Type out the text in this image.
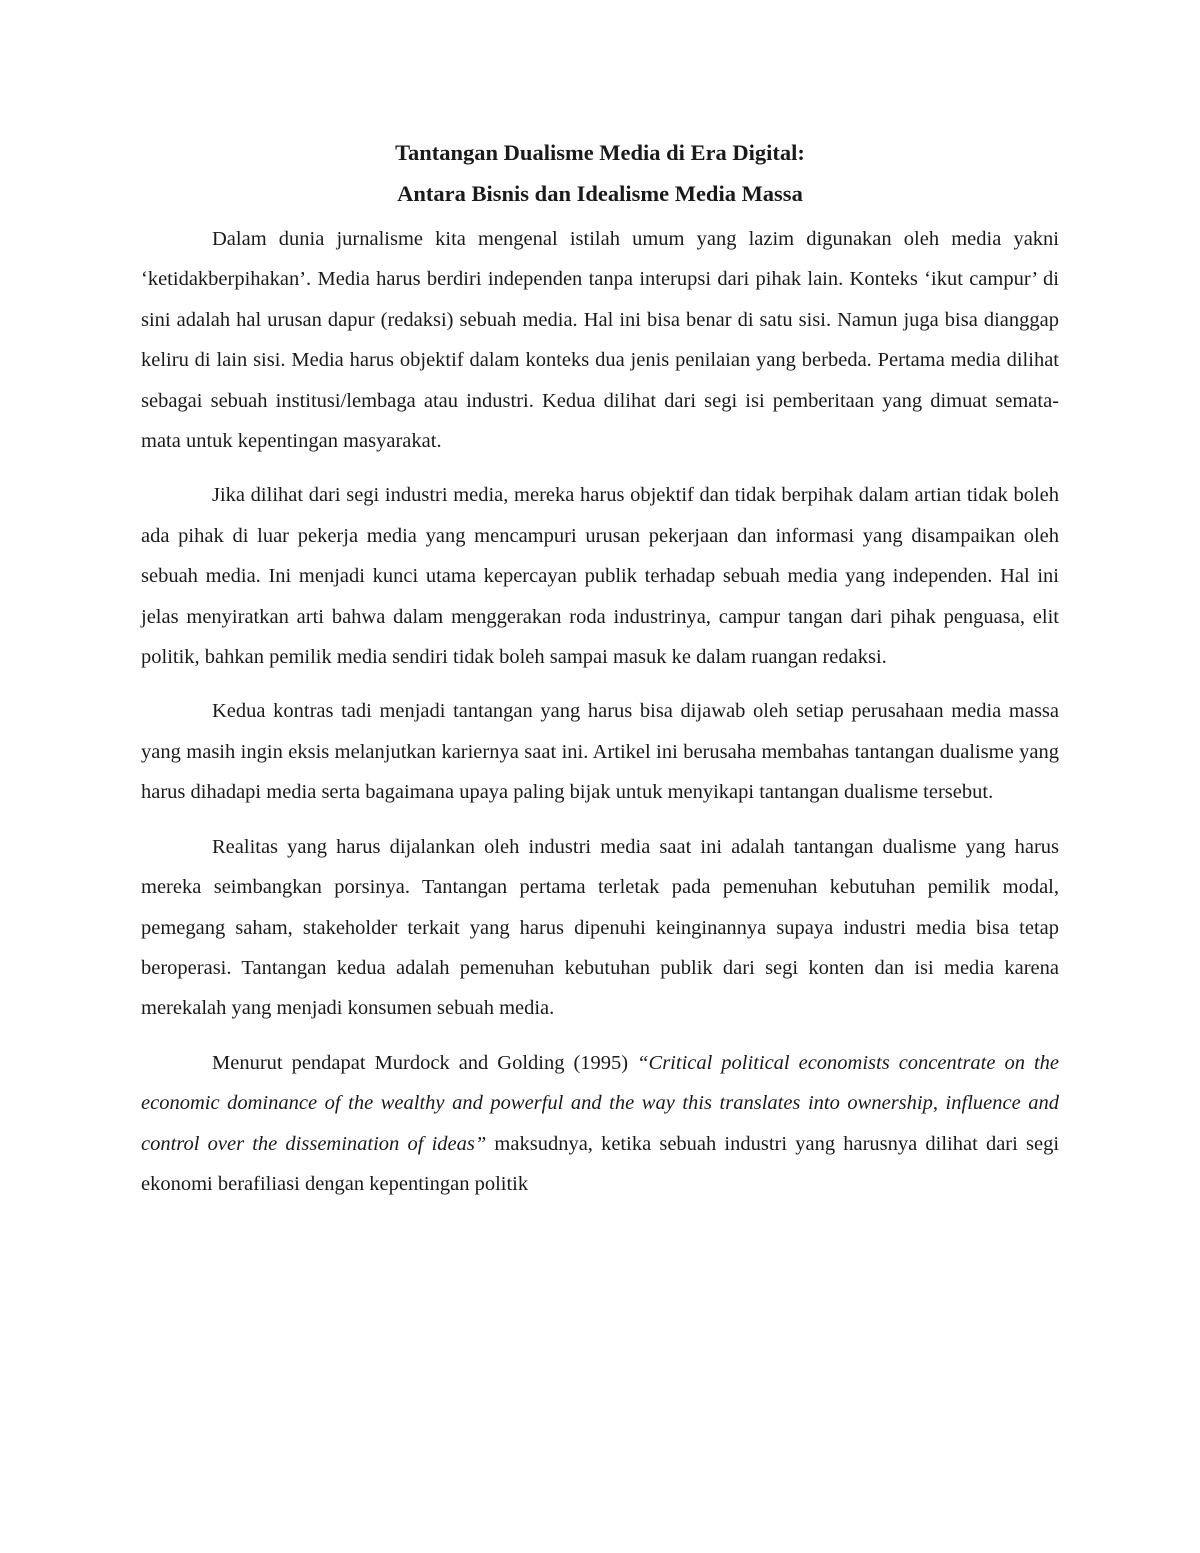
Tantangan Dualisme Media di Era Digital:
Antara Bisnis dan Idealisme Media Massa

Dalam dunia jurnalisme kita mengenal istilah umum yang lazim digunakan oleh media yakni ‘ketidakberpihakan’. Media harus berdiri independen tanpa interupsi dari pihak lain. Konteks ‘ikut campur’ di sini adalah hal urusan dapur (redaksi) sebuah media. Hal ini bisa benar di satu sisi. Namun juga bisa dianggap keliru di lain sisi. Media harus objektif dalam konteks dua jenis penilaian yang berbeda. Pertama media dilihat sebagai sebuah institusi/lembaga atau industri. Kedua dilihat dari segi isi pemberitaan yang dimuat semata-mata untuk kepentingan masyarakat.

Jika dilihat dari segi industri media, mereka harus objektif dan tidak berpihak dalam artian tidak boleh ada pihak di luar pekerja media yang mencampuri urusan pekerjaan dan informasi yang disampaikan oleh sebuah media. Ini menjadi kunci utama kepercayan publik terhadap sebuah media yang independen. Hal ini jelas menyiratkan arti bahwa dalam menggerakan roda industrinya, campur tangan dari pihak penguasa, elit politik, bahkan pemilik media sendiri tidak boleh sampai masuk ke dalam ruangan redaksi.

Kedua kontras tadi menjadi tantangan yang harus bisa dijawab oleh setiap perusahaan media massa yang masih ingin eksis melanjutkan kariernya saat ini. Artikel ini berusaha membahas tantangan dualisme yang harus dihadapi media serta bagaimana upaya paling bijak untuk menyikapi tantangan dualisme tersebut.

Realitas yang harus dijalankan oleh industri media saat ini adalah tantangan dualisme yang harus mereka seimbangkan porsinya. Tantangan pertama terletak pada pemenuhan kebutuhan pemilik modal, pemegang saham, stakeholder terkait yang harus dipenuhi keinginannya supaya industri media bisa tetap beroperasi. Tantangan kedua adalah pemenuhan kebutuhan publik dari segi konten dan isi media karena merekalah yang menjadi konsumen sebuah media.

Menurut pendapat Murdock and Golding (1995) “Critical political economists concentrate on the economic dominance of the wealthy and powerful and the way this translates into ownership, influence and control over the dissemination of ideas” maksudnya, ketika sebuah industri yang harusnya dilihat dari segi ekonomi berafiliasi dengan kepentingan politik
